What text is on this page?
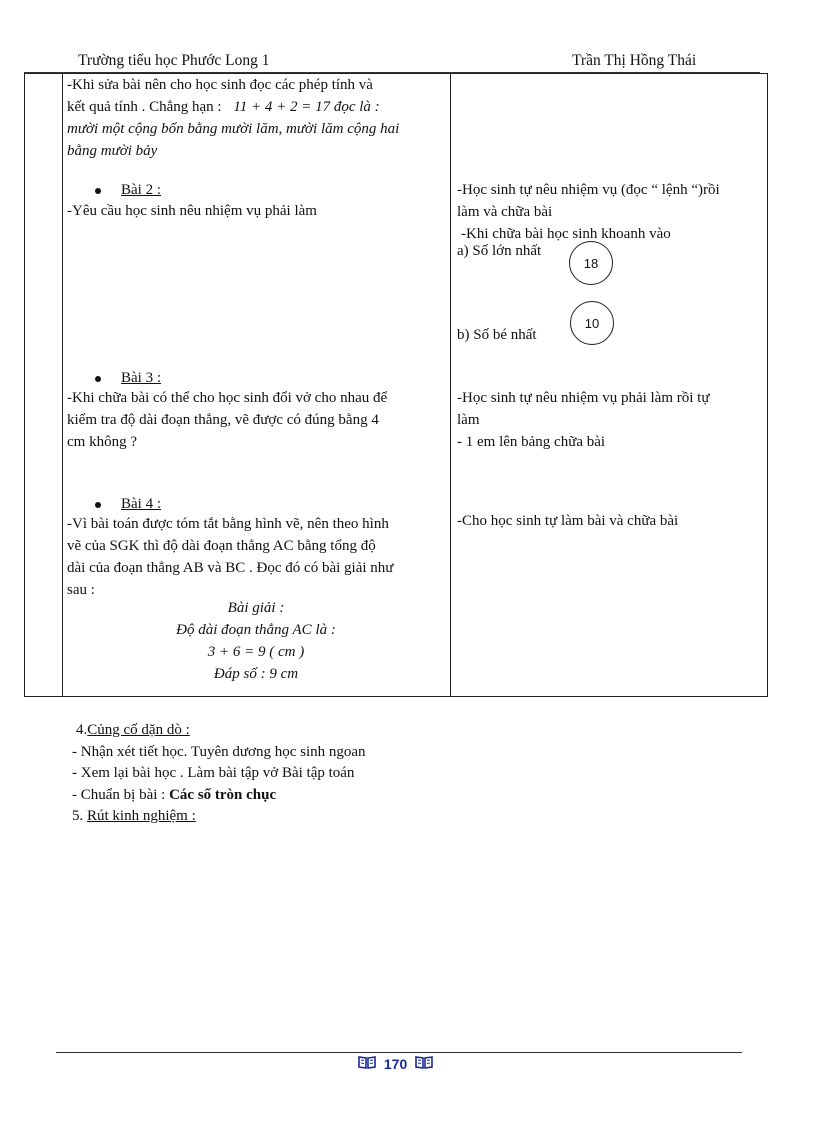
Trường tiểu học Phước Long 1	Trần Thị Hồng Thái
-Khi sửa bài nên cho học sinh đọc các phép tính và
kết quả tính . Chẳng hạn : 11 + 4 + 2 = 17 đọc là :
mười một cộng bốn bằng mười lăm, mười lăm cộng hai
bằng mười bảy
Bài 2 :
-Yêu cầu học sinh nêu nhiệm vụ phải làm
-Học sinh tự nêu nhiệm vụ (đọc “ lệnh “)rồi
làm và chữa bài
-Khi chữa bài học sinh khoanh vào
a) Số lớn nhất
18
10
b) Số bé nhất
Bài 3 :
-Khi chữa bài có thể cho học sinh đổi vở cho nhau để
kiểm tra độ dài đoạn thẳng, vẽ được có đúng bằng 4
cm không ?
-Học sinh tự nêu nhiệm vụ phải làm rồi tự
làm
- 1 em lên bảng chữa bài
Bài 4 :
-Vì bài toán được tóm tắt bằng hình vẽ, nên theo hình
vẽ của SGK thì độ dài đoạn thẳng AC bằng tổng độ
dài của đoạn thẳng AB và BC . Đọc đó có bài giải như
sau :
Bài giải :
Độ dài đoạn thẳng AC là :
3 + 6 = 9 ( cm )
Đáp số : 9 cm
-Cho học sinh tự làm bài và chữa bài
4.Củng cố dặn dò :
- Nhận xét tiết học. Tuyên dương học sinh ngoan
- Xem lại bài học . Làm bài tập vở Bài tập toán
- Chuẩn bị bài : Các số tròn chục
5. Rút kinh nghiệm :
170
